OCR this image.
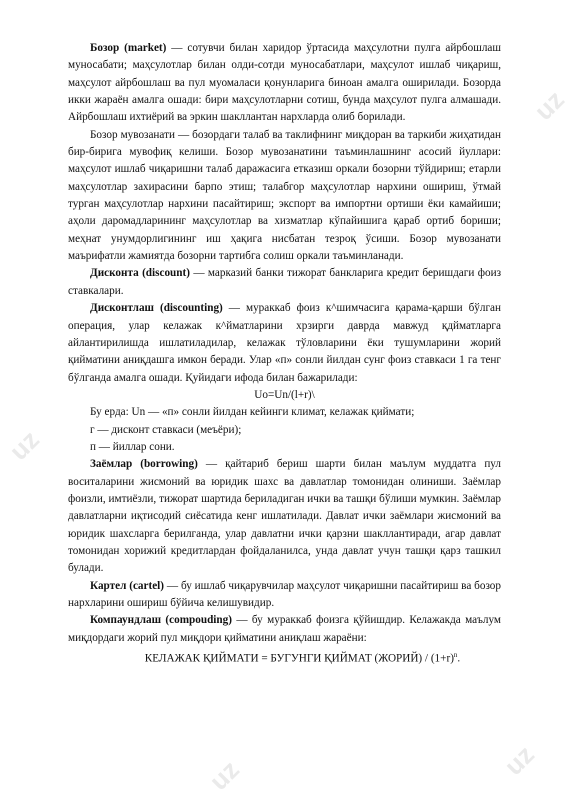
uz
uz
uz	uz

Бозор (market) — сотувчи билан харидор ўртасида маҳсулотни пулга айрбошлаш муносабати; маҳсулотлар билан олди-сотди муносабатлари, маҳсулот ишлаб чиқариш, маҳсулот айрбошлаш ва пул муомаласи қонунларига биноан амалга оширилади. Бозорда икки жараён амалга ошади: бири маҳсулотларни сотиш, бунда маҳсулот пулга алмашади. Айрбошлаш ихтиёрий ва эркин шакллантан нархларда олиб борилади.

Бозор мувозанати — бозордаги талаб ва таклифнинг миқдоран ва таркиби жиҳатидан бир-бирига мувофиқ келиши. Бозор мувозанатини таъминлашнинг асосий йуллари: маҳсулот ишлаб чиқаришни талаб даражасига етказиш оркали бозорни тўйдириш; етарли маҳсулотлар захирасини барпо этиш; талабгор маҳсулотлар нархини ошириш, ўтмай турган маҳсулотлар нархини пасайтириш; экспорт ва импортни ортиши ёки камайиши; аҳоли даромадларининг маҳсулотлар ва хизматлар кўпайишига қараб ортиб бориши; меҳнат унумдорлигининг иш ҳақига нисбатан тезроқ ўсиши. Бозор мувозанати маърифатли жамиятда бозорни тартибга солиш оркали таъминланади.

Дисконта (discount) — марказий банки тижорат банкларига кредит беришдаги фоиз ставкалари.

Дисконтлаш (discounting) — мураккаб фоиз к^шимчасига қарама-қарши бўлган операция, улар келажак к^йматларини хрзирги даврда мавжуд қдйматларга айлантирилишда ишлатиладилар, келажак тўловларини ёки тушумларини жорий қийматини аниқдашга имкон беради. Улар «п» сонли йилдан сунг фоиз ставкаси 1 га тенг бўлганда амалга ошади. Қуйидаги ифода билан бажарилади:

Uo=Un/(l+r)\

Бу ерда: Un — «п» сонли йилдан кейинги климат, келажак қиймати;

г — дисконт ставкаси (меъёри);

п — йиллар сони.

Заёмлар (borrowing) — қайтариб бериш шарти билан маълум муддатга пул воситаларини жисмоний ва юридик шахс ва давлатлар томонидан олиниши. Заёмлар фоизли, имтиёзли, тижорат шартида бериладиган ички ва ташқи бўлиши мумкин. Заёмлар давлатларни иқтисодий сиёсатида кенг ишлатилади. Давлат ички заёмлари жисмоний ва юридик шахсларга берилганда, улар давлатни ички қарзни шакллантиради, агар давлат томонидан хорижий кредитлардан фойдаланилса, унда давлат учун ташқи қарз ташкил булади.

Картел (cartel) — бу ишлаб чиқарувчилар маҳсулот чиқаришни пасайтириш ва бозор нархларини ошириш бўйича келишувидир.

Компаундлаш (compouding) — бу мураккаб фоизга қўйишдир. Келажакда маълум миқдордаги жорий пул миқдори қийматини аниқлаш жараёни:

КЕЛАЖАК ҚИЙМАТИ = БУГУНГИ ҚИЙМАТ (ЖОРИЙ) / $(1+r)^n$.
